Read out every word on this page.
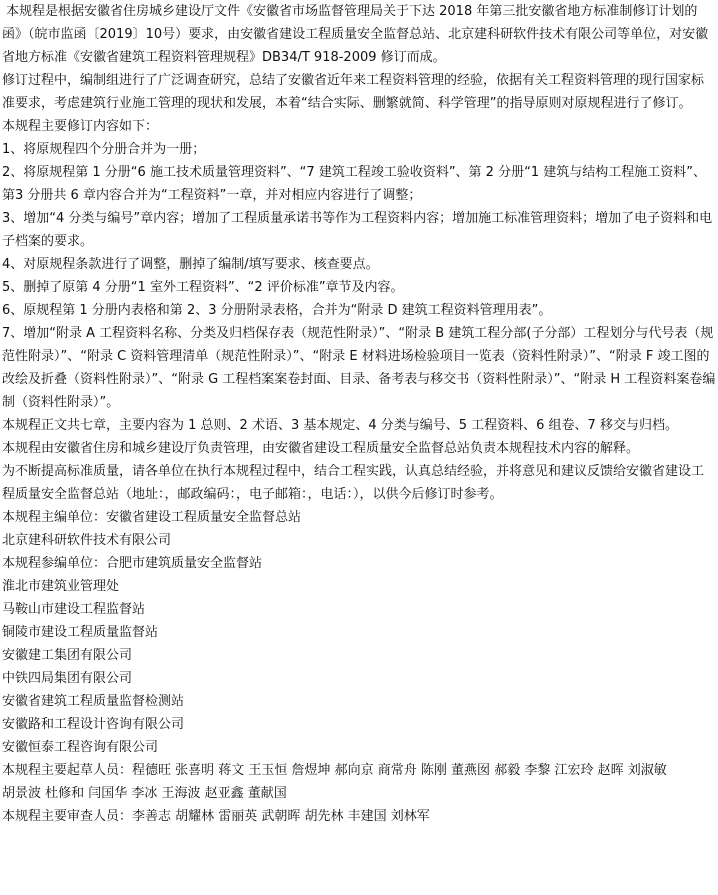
本规程是根据安徽省住房城乡建设厅文件《安徽省市场监督管理局关于下达 2018 年第三批安徽省地方标准制修订计划的函》（皖市监函〔2019〕10号）要求，由安徽省建设工程质量安全监督总站、北京建科研软件技术有限公司等单位，对安徽省地方标准《安徽省建筑工程资料管理规程》DB34/T 918-2009 修订而成。

修订过程中，编制组进行了广泛调查研究，总结了安徽省近年来工程资料管理的经验，依据有关工程资料管理的现行国家标准要求，考虑建筑行业施工管理的现状和发展，本着“结合实际、删繁就简、科学管理”的指导原则对原规程进行了修订。

本规程主要修订内容如下：

1、将原规程四个分册合并为一册；

2、将原规程第 1 分册“6 施工技术质量管理资料”、“7 建筑工程竣工验收资料”、第 2 分册“1 建筑与结构工程施工资料”、第3 分册共 6 章内容合并为“工程资料”一章，并对相应内容进行了调整；

3、增加“4 分类与编号”章内容；增加了工程质量承诺书等作为工程资料内容；增加施工标准管理资料；增加了电子资料和电子档案的要求。

4、对原规程条款进行了调整，删掉了编制/填写要求、核查要点。

5、删掉了原第 4 分册“1 室外工程资料”、“2 评价标准”章节及内容。

6、原规程第 1 分册内表格和第 2、3 分册附录表格，合并为“附录 D 建筑工程资料管理用表”。

7、增加“附录 A 工程资料名称、分类及归档保存表（规范性附录）”、“附录 B 建筑工程分部(子分部）工程划分与代号表（规范性附录）”、“附录 C 资料管理清单（规范性附录）”、“附录 E 材料进场检验项目一览表（资料性附录）”、“附录 F 竣工图的改绘及折叠（资料性附录）”、“附录 G 工程档案案卷封面、目录、备考表与移交书（资料性附录）”、“附录 H 工程资料案卷编制（资料性附录）”。

本规程正文共七章，主要内容为 1 总则、2 术语、3 基本规定、4 分类与编号、5 工程资料、6 组卷、7 移交与归档。

本规程由安徽省住房和城乡建设厅负责管理，由安徽省建设工程质量安全监督总站负责本规程技术内容的解释。

为不断提高标准质量，请各单位在执行本规程过程中，结合工程实践，认真总结经验，并将意见和建议反馈给安徽省建设工程质量安全监督总站（地址：，邮政编码：，电子邮箱：，电话：），以供今后修订时参考。

本规程主编单位：安徽省建设工程质量安全监督总站

北京建科研软件技术有限公司

本规程参编单位：合肥市建筑质量安全监督站

淮北市建筑业管理处

马鞍山市建设工程监督站

铜陵市建设工程质量监督站

安徽建工集团有限公司

中铁四局集团有限公司

安徽省建筑工程质量监督检测站

安徽路和工程设计咨询有限公司

安徽恒泰工程咨询有限公司

本规程主要起草人员：程德旺 张喜明 蒋文 王玉恒 詹煜坤 郝向京 商常舟 陈刚 董燕囡 郝毅 李黎 江宏玲 赵晖 刘淑敏

胡景波 杜修和 闫国华 李冰 王海波 赵亚鑫 董献国

本规程主要审查人员：李善志 胡耀林 雷丽英 武朝晖 胡先林 丰建国 刘林军
